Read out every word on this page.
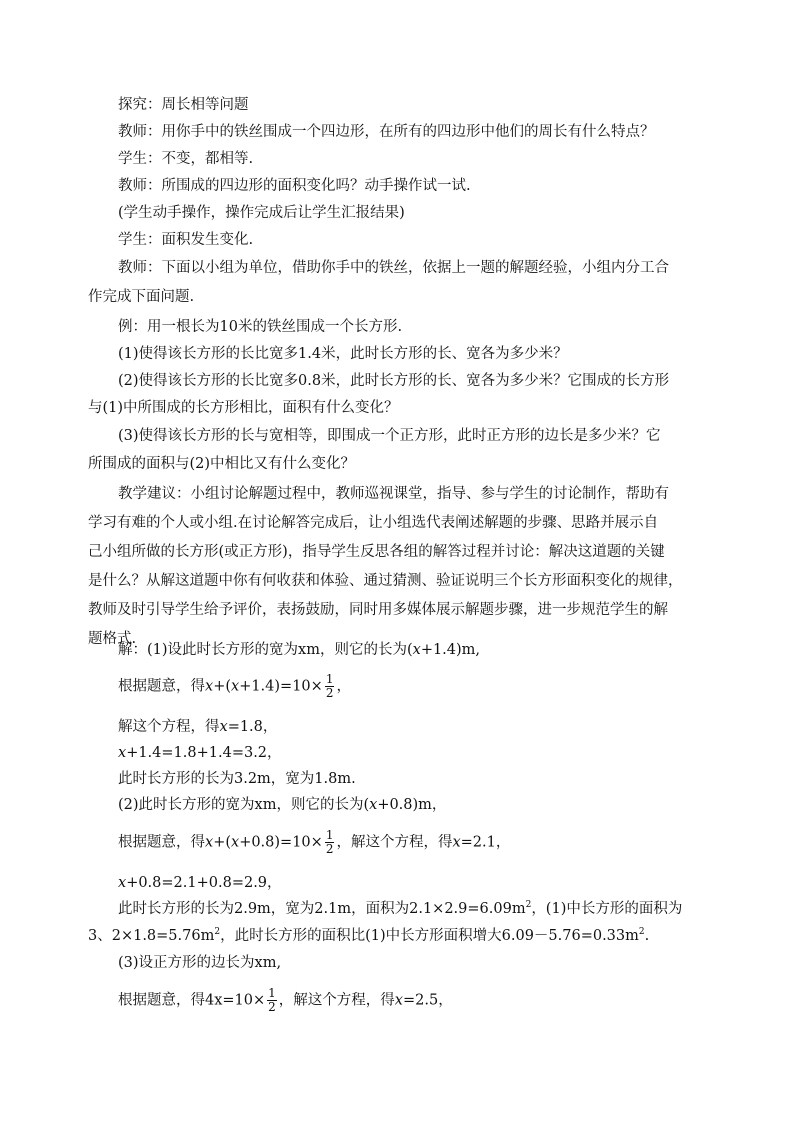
探究：周长相等问题
教师：用你手中的铁丝围成一个四边形，在所有的四边形中他们的周长有什么特点？
学生：不变，都相等.
教师：所围成的四边形的面积变化吗？动手操作试一试.
(学生动手操作，操作完成后让学生汇报结果)
学生：面积发生变化.
教师：下面以小组为单位，借助你手中的铁丝，依据上一题的解题经验，小组内分工合
作完成下面问题.
例：用一根长为10米的铁丝围成一个长方形.
(1)使得该长方形的长比宽多1.4米，此时长方形的长、宽各为多少米？
(2)使得该长方形的长比宽多0.8米，此时长方形的长、宽各为多少米？它围成的长方形
与(1)中所围成的长方形相比，面积有什么变化？
(3)使得该长方形的长与宽相等，即围成一个正方形，此时正方形的边长是多少米？它
所围成的面积与(2)中相比又有什么变化？
教学建议：小组讨论解题过程中，教师巡视课堂，指导、参与学生的讨论制作，帮助有
学习有难的个人或小组.在讨论解答完成后，让小组选代表阐述解题的步骤、思路并展示自
己小组所做的长方形(或正方形)，指导学生反思各组的解答过程并讨论：解决这道题的关键
是什么？从解这道题中你有何收获和体验、通过猜测、验证说明三个长方形面积变化的规律，
教师及时引导学生给予评价，表扬鼓励，同时用多媒体展示解题步骤，进一步规范学生的解
题格式.
解：(1)设此时长方形的宽为xm，则它的长为(x+1.4)m,
根据题意，得$x+(x+1.4)=10\times \frac{1}{2}$ ，
解这个方程，得x=1.8，
x+1.4=1.8+1.4=3.2，
此时长方形的长为3.2m，宽为1.8m.
(2)此时长方形的宽为xm，则它的长为(x+0.8)m，
根据题意，得$x+(x+0.8)=10\times \frac{1}{2}$ ，解这个方程，得x=2.1，
x+0.8=2.1+0.8=2.9，
此时长方形的长为2.9m，宽为2.1m，面积为$2.1\times 2.9=6.09m^2$，(1)中长方形的面积为
3、$2\times 1.8=5.76m^2$，此时长方形的面积比(1)中长方形面积增大$6.09-5.76=0.33m^2$.
(3)设正方形的边长为xm,
根据题意，得$4x=10\times \frac{1}{2}$ ，解这个方程，得x=2.5，
